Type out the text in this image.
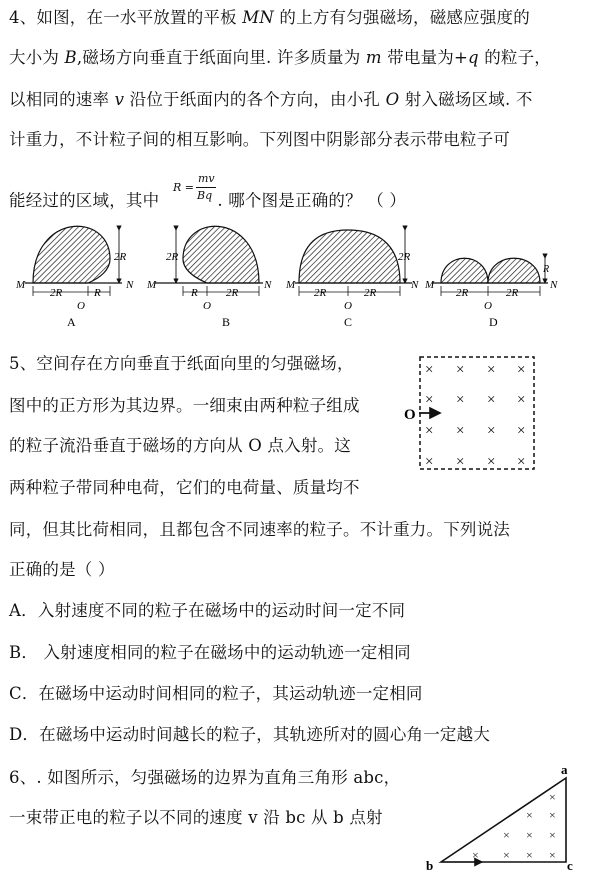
4、如图，在一水平放置的平板 MN 的上方有匀强磁场，磁感应强度的
大小为 B,磁场方向垂直于纸面向里. 许多质量为 m 带电量为+q 的粒子，
以相同的速率 v 沿位于纸面内的各个方向，由小孔 O 射入磁场区域. 不
计重力，不计粒子间的相互影响。下列图中阴影部分表示带电粒子可
能经过的区域，其中	. 哪个图是正确的？ （ ）
R =
mv
Bq
2R
M	N
2R	R
O
A
2R
M	N
R	2R
O
B
2R
M	N
2R	2R
O
C
R
M	N
2R	2R
O
D
5、空间存在方向垂直于纸面向里的匀强磁场，
图中的正方形为其边界。一细束由两种粒子组成
的粒子流沿垂直于磁场的方向从 O 点入射。这
两种粒子带同种电荷，它们的电荷量、质量均不
同，但其比荷相同，且都包含不同速率的粒子。不计重力。下列说法
正确的是（ ）
A．入射速度不同的粒子在磁场中的运动时间一定不同
B． 入射速度相同的粒子在磁场中的运动轨迹一定相同
C．在磁场中运动时间相同的粒子，其运动轨迹一定相同
D．在磁场中运动时间越长的粒子，其轨迹所对的圆心角一定越大
× × × ×
× × × ×
× × × ×
× × × ×
O
6、. 如图所示，匀强磁场的边界为直角三角形 abc，
一束带正电的粒子以不同的速度 v 沿 bc 从 b 点射
×
× ×
× × ×
× × × ×
a
b	c
